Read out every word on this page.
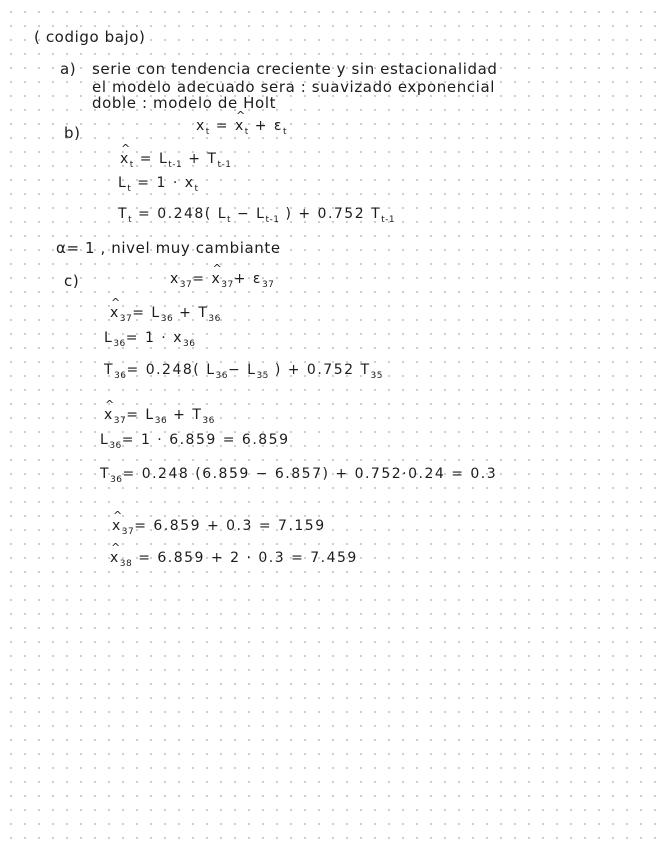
( codigo bajo)
a) serie con tendencia creciente y sin estacionalidad
el modelo adecuado sera : suavizado exponencial
doble : modelo de Holt
b)	$x_t$ = ^ $x_t + \varepsilon_t$
^ $x_t = L_{t-1} + T_{t-1}$
$L_t = 1 \cdot x_t$
$T_t = 0.248$( $L_t - L_{t-1}$ ) + 0.752 $T_{t-1}$
α= 1 , nivel muy cambiante
c)	$x_{37}=$ ^ $x_{37}+ \varepsilon_{37}$
^ $x_{37}= L_{36} + T_{36}$
$L_{36}= 1 \cdot x_{36}$
$T_{36}= 0.248$( $L_{36}- L_{35}$ ) + 0.752 $T_{35}$
^ $x_{37}= L_{36} + T_{36}$
$L_{36}= 1 \cdot 6.859 = 6.859$
$T_{36}= 0.248$ (6.859 − 6.857) + 0.752·0.24 = 0.3
^ $x_{37}= 6.859 + 0.3 = 7.159$
^ $x_{38} = 6.859 + 2 \cdot 0.3 = 7.459$
